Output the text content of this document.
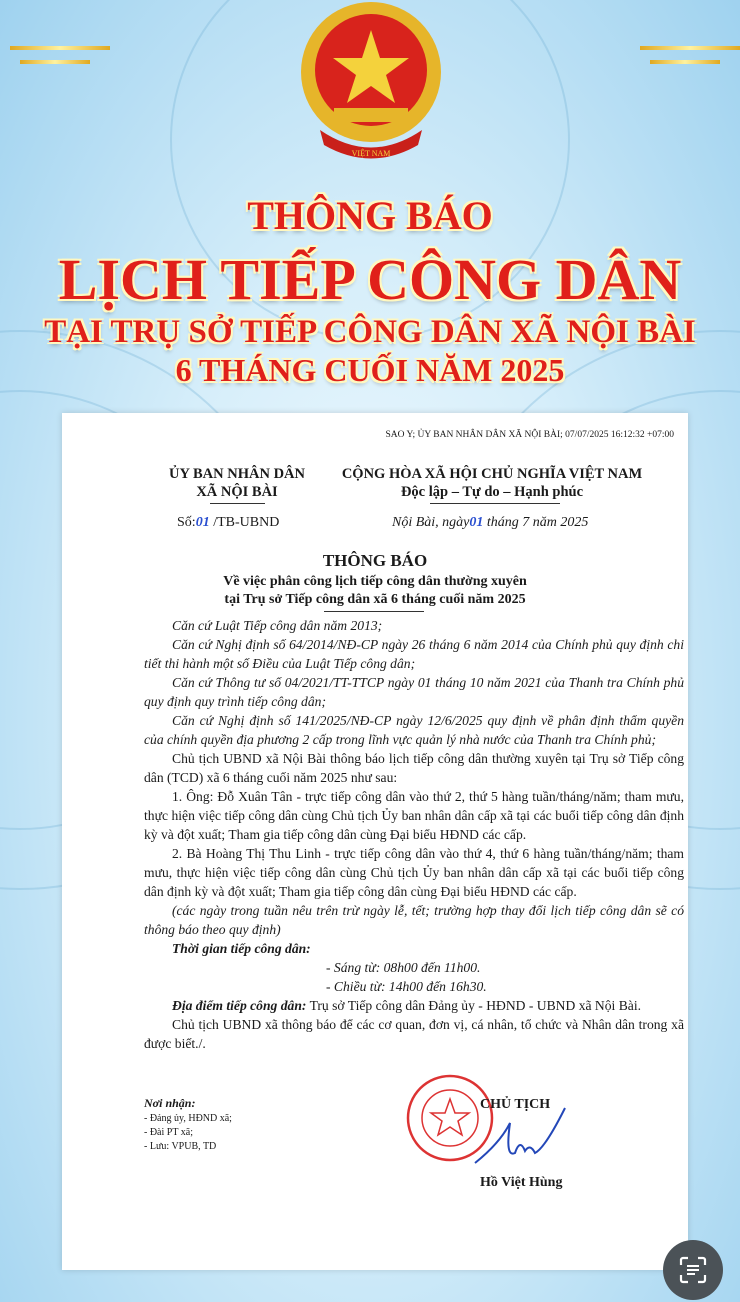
VIỆT NAM
THÔNG BÁO
LỊCH TIẾP CÔNG DÂN
TẠI TRỤ SỞ TIẾP CÔNG DÂN XÃ NỘI BÀI
6 THÁNG CUỐI NĂM 2025
SAO Y; ỦY BAN NHÂN DÂN XÃ NỘI BÀI; 07/07/2025 16:12:32 +07:00
ỦY BAN NHÂN DÂN
XÃ NỘI BÀI
CỘNG HÒA XÃ HỘI CHỦ NGHĨA VIỆT NAM
Độc lập – Tự do – Hạnh phúc
Số:01 /TB-UBND	Nội Bài, ngày01 tháng 7 năm 2025
THÔNG BÁO
Về việc phân công lịch tiếp công dân thường xuyên
tại Trụ sở Tiếp công dân xã 6 tháng cuối năm 2025

Căn cứ Luật Tiếp công dân năm 2013;

Căn cứ Nghị định số 64/2014/NĐ-CP ngày 26 tháng 6 năm 2014 của Chính phủ quy định chi tiết thi hành một số Điều của Luật Tiếp công dân;

Căn cứ Thông tư số 04/2021/TT-TTCP ngày 01 tháng 10 năm 2021 của Thanh tra Chính phủ quy định quy trình tiếp công dân;

Căn cứ Nghị định số 141/2025/NĐ-CP ngày 12/6/2025 quy định về phân định thẩm quyền của chính quyền địa phương 2 cấp trong lĩnh vực quản lý nhà nước của Thanh tra Chính phủ;

Chủ tịch UBND xã Nội Bài thông báo lịch tiếp công dân thường xuyên tại Trụ sở Tiếp công dân (TCD) xã 6 tháng cuối năm 2025 như sau:

1. Ông: Đỗ Xuân Tân - trực tiếp công dân vào thứ 2, thứ 5 hàng tuần/tháng/năm; tham mưu, thực hiện việc tiếp công dân cùng Chủ tịch Ủy ban nhân dân cấp xã tại các buổi tiếp công dân định kỳ và đột xuất; Tham gia tiếp công dân cùng Đại biểu HĐND các cấp.

2. Bà Hoàng Thị Thu Linh - trực tiếp công dân vào thứ 4, thứ 6 hàng tuần/tháng/năm; tham mưu, thực hiện việc tiếp công dân cùng Chủ tịch Ủy ban nhân dân cấp xã tại các buổi tiếp công dân định kỳ và đột xuất; Tham gia tiếp công dân cùng Đại biểu HĐND các cấp.

(các ngày trong tuần nêu trên trừ ngày lễ, tết; trường hợp thay đổi lịch tiếp công dân sẽ có thông báo theo quy định)

Thời gian tiếp công dân:

- Sáng từ: 08h00 đến 11h00.
- Chiều từ: 14h00 đến 16h30.

Địa điểm tiếp công dân: Trụ sở Tiếp công dân Đảng ủy - HĐND - UBND xã Nội Bài.

Chủ tịch UBND xã thông báo để các cơ quan, đơn vị, cá nhân, tổ chức và Nhân dân trong xã được biết./.

Nơi nhận:
- Đảng ủy, HĐND xã;
- Đài PT xã;
- Lưu: VPUB, TD
CHỦ TỊCH
Hồ Việt Hùng
